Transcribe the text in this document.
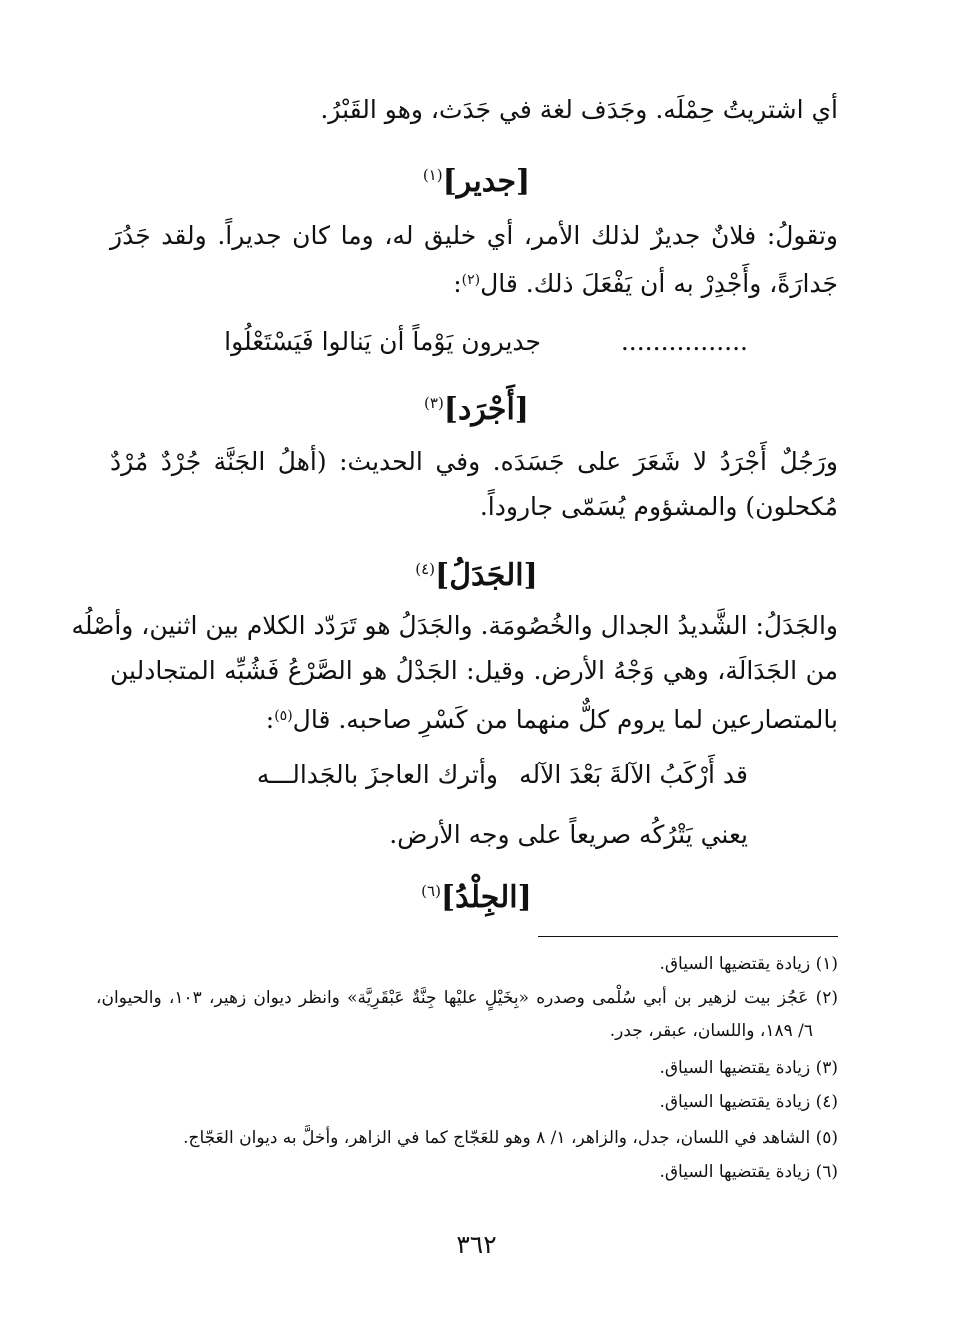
أي اشتريتُ حِمْلَه. وجَدَف لغة في جَدَث، وهو القَبْرُ.
[جدير]$^{(١)}$
وتقولُ: فلانٌ جديرٌ لذلك الأمر، أي خليق له، وما كان جديراً. ولقد جَدُرَ
جَدارَةً، وأَجْدِرْ به أن يَفْعَلَ ذلك. قال$^{(٢)}$:
................
جديرون يَوْماً أن يَنالوا فَيَسْتَعْلُوا
[أَجْرَد]$^{(٣)}$
ورَجُلٌ أَجْرَدُ لا شَعَرَ على جَسَدَه. وفي الحديث: (أهلُ الجَنَّة جُرْدٌ مُرْدٌ
مُكحلون) والمشؤوم يُسَمّى جاروداً.
[الجَدَلُ]$^{(٤)}$
والجَدَلُ: الشَّديدُ الجدال والخُصُومَة. والجَدَلُ هو تَرَدّد الكلام بين اثنين، وأصْلُه
من الجَدَالَة، وهي وَجْهُ الأرض. وقيل: الجَدْلُ هو الصَّرْعُ فَشُبِّه المتجادلين
بالمتصارعين لما يروم كلٌّ منهما من كَسْرِ صاحبه. قال$^{(٥)}$:
قد أَرْكَبُ الآلةَ بَعْدَ الآله
وأترك العاجزَ بالجَدالـــه
يعني يَتْرُكُه صريعاً على وجه الأرض.
[الجِلْدُ]$^{(٦)}$
(١) زيادة يقتضيها السياق.
(٢) عَجُز بيت لزهير بن أبي سُلْمى وصدره «بِخَيْلٍ عليْها جِنَّةٌ عَبْقَرِيَّة» وانظر ديوان زهير، ١٠٣، والحيوان،
٦/ ١٨٩، واللسان، عبقر، جدر.
(٣) زيادة يقتضيها السياق.
(٤) زيادة يقتضيها السياق.
(٥) الشاهد في اللسان، جدل، والزاهر، ١/ ٨ وهو للعَجّاج كما في الزاهر، وأخلَّ به ديوان العَجّاج.
(٦) زيادة يقتضيها السياق.
٣٦٢
